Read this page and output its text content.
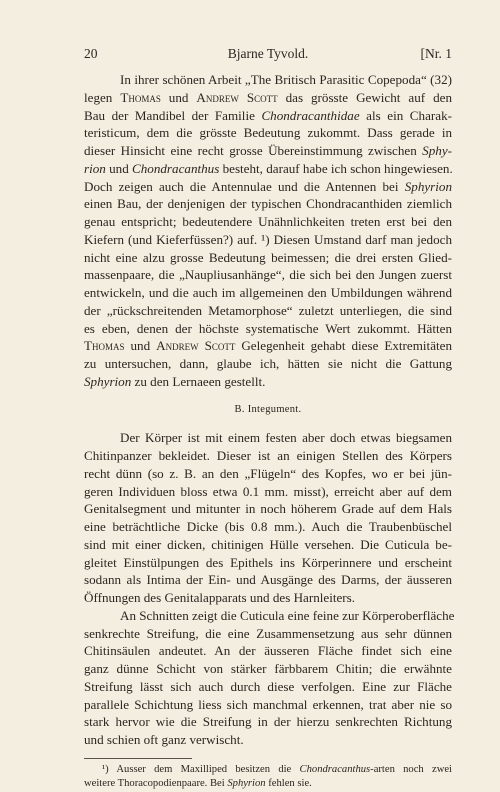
20	Bjarne Tyvold.	[Nr. 1
In ihrer schönen Arbeit „The Britisch Parasitic Copepoda“ (32)
legen Thomas und Andrew Scott das grösste Gewicht auf den
Bau der Mandibel der Familie Chondracanthidae als ein Charak-
teristicum, dem die grösste Bedeutung zukommt. Dass gerade in
dieser Hinsicht eine recht grosse Übereinstimmung zwischen Sphy-
rion und Chondracanthus besteht, darauf habe ich schon hingewiesen.
Doch zeigen auch die Antennulae und die Antennen bei Sphyrion
einen Bau, der denjenigen der typischen Chondracanthiden ziemlich
genau entspricht; bedeutendere Unähnlichkeiten treten erst bei den
Kiefern (und Kieferfüssen?) auf. ¹) Diesen Umstand darf man jedoch
nicht eine alzu grosse Bedeutung beimessen; die drei ersten Glied-
massenpaare, die „Naupliusanhänge“, die sich bei den Jungen zuerst
entwickeln, und die auch im allgemeinen den Umbildungen während
der „rückschreitenden Metamorphose“ zuletzt unterliegen, die sind
es eben, denen der höchste systematische Wert zukommt. Hätten
Thomas und Andrew Scott Gelegenheit gehabt diese Extremitäten
zu untersuchen, dann, glaube ich, hätten sie nicht die Gattung
Sphyrion zu den Lernaeen gestellt.
B. Integument.
Der Körper ist mit einem festen aber doch etwas biegsamen
Chitinpanzer bekleidet. Dieser ist an einigen Stellen des Körpers
recht dünn (so z. B. an den „Flügeln“ des Kopfes, wo er bei jün-
geren Individuen bloss etwa 0.1 mm. misst), erreicht aber auf dem
Genitalsegment und mitunter in noch höherem Grade auf dem Hals
eine beträchtliche Dicke (bis 0.8 mm.). Auch die Traubenbüschel
sind mit einer dicken, chitinigen Hülle versehen. Die Cuticula be-
gleitet Einstülpungen des Epithels ins Körperinnere und erscheint
sodann als Intima der Ein- und Ausgänge des Darms, der äusseren
Öffnungen des Genitalapparats und des Harnleiters.
An Schnitten zeigt die Cuticula eine feine zur Körperoberfläche
senkrechte Streifung, die eine Zusammensetzung aus sehr dünnen
Chitinsäulen andeutet. An der äusseren Fläche findet sich eine
ganz dünne Schicht von stärker färbbarem Chitin; die erwähnte
Streifung lässt sich auch durch diese verfolgen. Eine zur Fläche
parallele Schichtung liess sich manchmal erkennen, trat aber nie so
stark hervor wie die Streifung in der hierzu senkrechten Richtung
und schien oft ganz verwischt.
¹) Ausser dem Maxilliped besitzen die Chondracanthus-arten noch zwei
weitere Thoracopodienpaare. Bei Sphyrion fehlen sie.
